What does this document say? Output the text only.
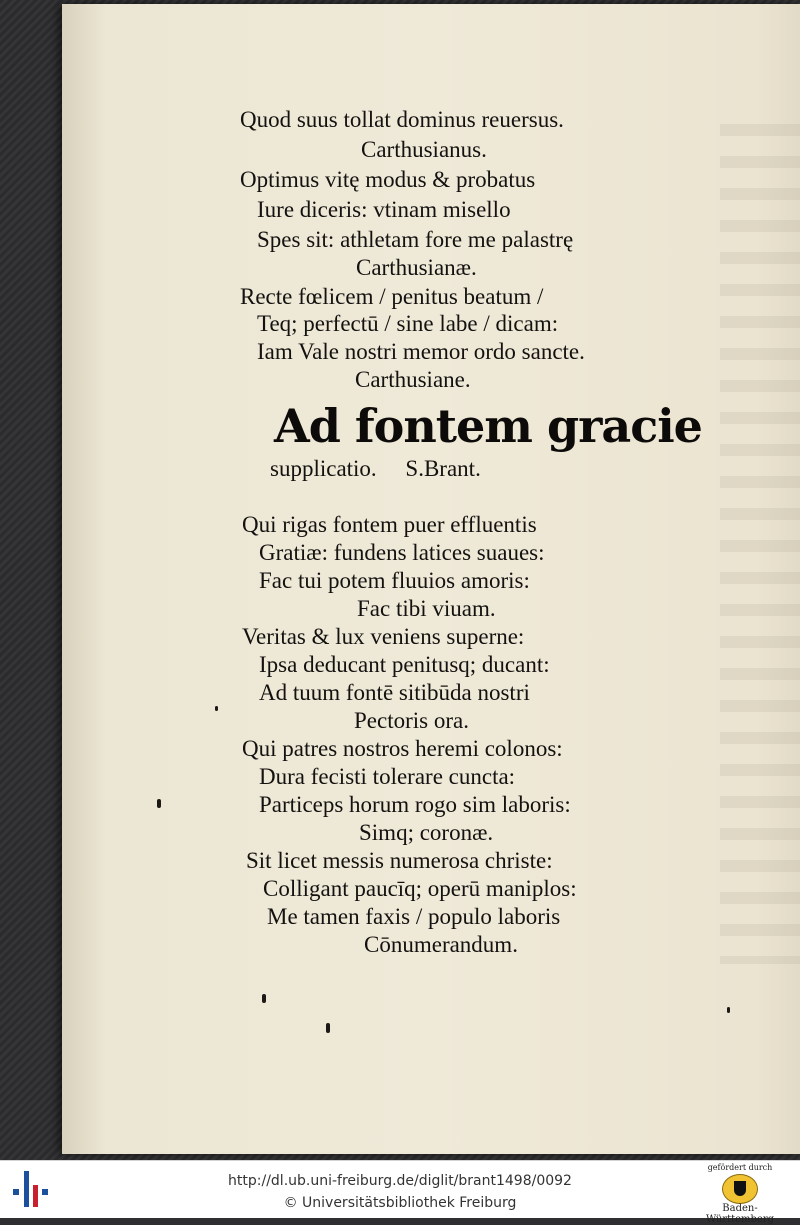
Quod suus tollat dominus reuersus.
Carthusianus.
Optimus vitę modus & probatus
Iure diceris: vtinam misello
Spes sit: athletam fore me palastrę
Carthusianæ.
Recte fœlicem / penitus beatum /
Teq; perfectū / sine labe / dicam:
Iam Vale nostri memor ordo sancte.
Carthusiane.
Ad fontem gracie
supplicatio.     S.Brant.
Qui rigas fontem puer effluentis
Gratiæ: fundens latices suaues:
Fac tui potem fluuios amoris:
Fac tibi viuam.
Veritas & lux veniens superne:
Ipsa deducant penitusq; ducant:
Ad tuum fontē sitibūda nostri
Pectoris ora.
Qui patres nostros heremi colonos:
Dura fecisti tolerare cuncta:
Particeps horum rogo sim laboris:
Simq; coronæ.
Sit licet messis numerosa christe:
Colligant paucīq; operū maniplos:
Me tamen faxis / populo laboris
Cōnumerandum.
http://dl.ub.uni-freiburg.de/diglit/brant1498/0092
© Universitätsbibliothek Freiburg
gefördert durch
Baden-Württemberg
